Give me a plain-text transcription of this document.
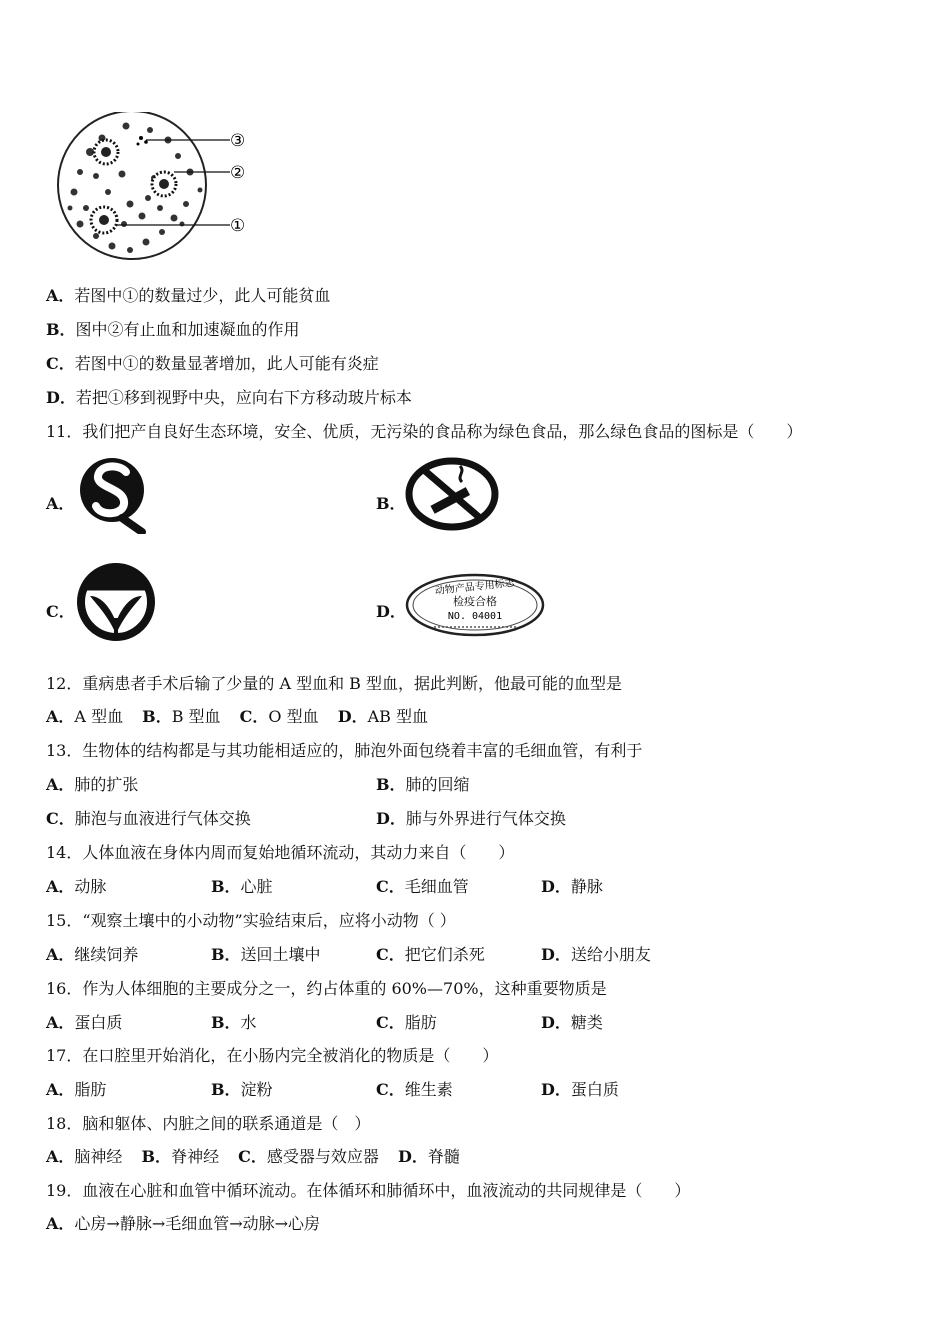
③
②
①
A．若图中①的数量过少，此人可能贫血
B．图中②有止血和加速凝血的作用
C．若图中①的数量显著增加，此人可能有炎症
D．若把①移到视野中央，应向右下方移动玻片标本
11．我们把产自良好生态环境，安全、优质，无污染的食品称为绿色食品，那么绿色食品的图标是（　　）
A．	B．
C．	D．
动物产品专用标志
检疫合格
NO. 04001
12．重病患者手术后输了少量的 A 型血和 B 型血，据此判断，他最可能的血型是
A．A 型血 B．B 型血 C．O 型血 D．AB 型血
13．生物体的结构都是与其功能相适应的，肺泡外面包绕着丰富的毛细血管，有利于
A．肺的扩张	B．肺的回缩
C．肺泡与血液进行气体交换	D．肺与外界进行气体交换
14．人体血液在身体内周而复始地循环流动，其动力来自（　　）
A．动脉	B．心脏	C．毛细血管	D．静脉
15．“观察土壤中的小动物”实验结束后，应将小动物（ ）
A．继续饲养	B．送回土壤中	C．把它们杀死	D．送给小朋友
16．作为人体细胞的主要成分之一，约占体重的 60%—70%，这种重要物质是
A．蛋白质	B．水	C．脂肪	D．糖类
17．在口腔里开始消化，在小肠内完全被消化的物质是（　　）
A．脂肪	B．淀粉	C．维生素	D．蛋白质
18．脑和躯体、内脏之间的联系通道是（　）
A．脑神经 B．脊神经 C．感受器与效应器 D．脊髓
19．血液在心脏和血管中循环流动。在体循环和肺循环中，血液流动的共同规律是（　　）
A．心房→静脉→毛细血管→动脉→心房
